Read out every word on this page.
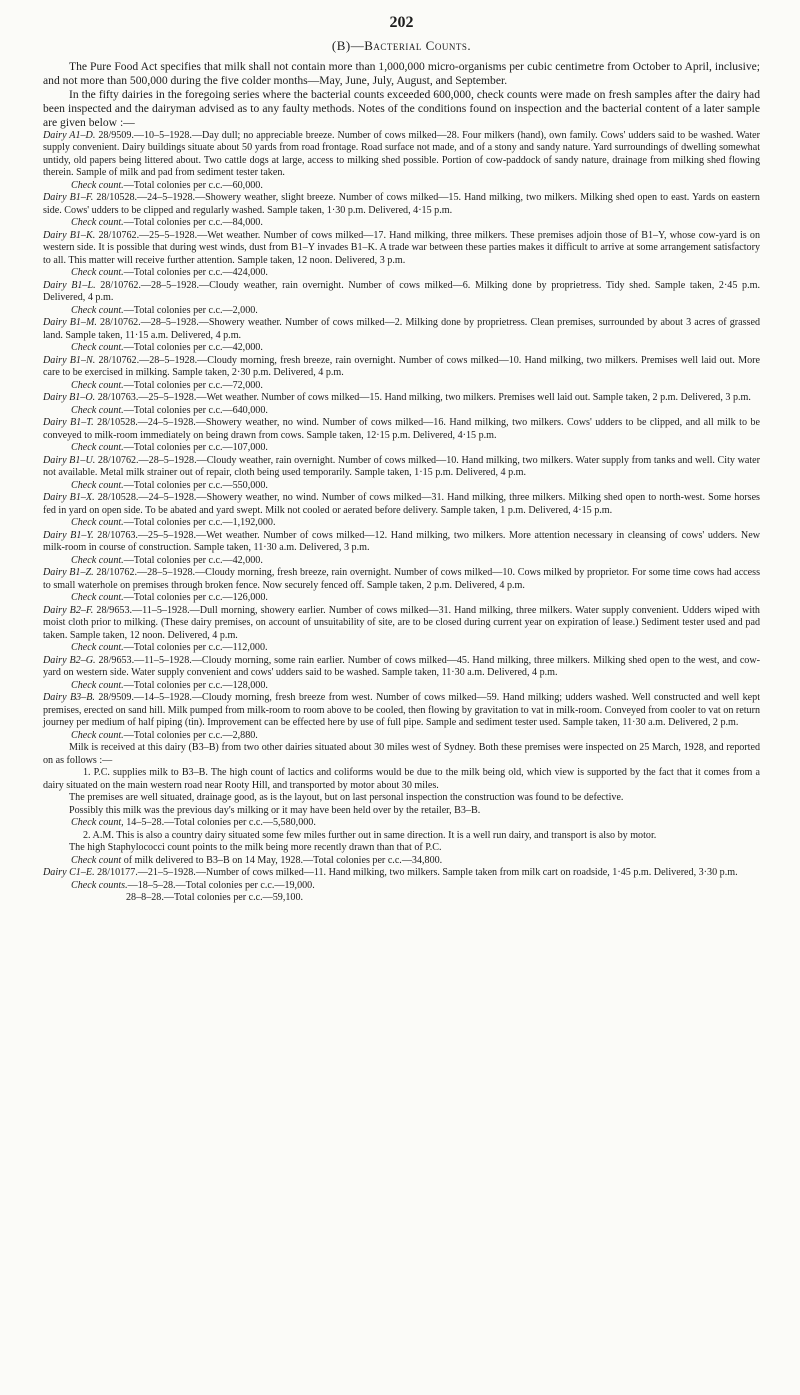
202
(B)—Bacterial Counts.

The Pure Food Act specifies that milk shall not contain more than 1,000,000 micro-organisms per cubic centimetre from October to April, inclusive; and not more than 500,000 during the five colder months—May, June, July, August, and September.

In the fifty dairies in the foregoing series where the bacterial counts exceeded 600,000, check counts were made on fresh samples after the dairy had been inspected and the dairyman advised as to any faulty methods. Notes of the conditions found on inspection and the bacterial content of a later sample are given below :—

Dairy A1–D. 28/9509.—10–5–1928.—Day dull; no appreciable breeze. Number of cows milked—28. Four milkers (hand), own family. Cows' udders said to be washed. Water supply convenient. Dairy buildings situate about 50 yards from road frontage. Road surface not made, and of a stony and sandy nature. Yard surroundings of dwelling somewhat untidy, old papers being littered about. Two cattle dogs at large, access to milking shed possible. Portion of cow-paddock of sandy nature, drainage from milking shed flowing therein. Sample of milk and pad from sediment tester taken.

Check count.—Total colonies per c.c.—60,000.

Dairy B1–F. 28/10528.—24–5–1928.—Showery weather, slight breeze. Number of cows milked—15. Hand milking, two milkers. Milking shed open to east. Yards on eastern side. Cows' udders to be clipped and regularly washed. Sample taken, 1·30 p.m. Delivered, 4·15 p.m.

Check count.—Total colonies per c.c.—84,000.

Dairy B1–K. 28/10762.—25–5–1928.—Wet weather. Number of cows milked—17. Hand milking, three milkers. These premises adjoin those of B1–Y, whose cow-yard is on western side. It is possible that during west winds, dust from B1–Y invades B1–K. A trade war between these parties makes it difficult to arrive at some arrangement satisfactory to all. This matter will receive further attention. Sample taken, 12 noon. Delivered, 3 p.m.

Check count.—Total colonies per c.c.—424,000.

Dairy B1–L. 28/10762.—28–5–1928.—Cloudy weather, rain overnight. Number of cows milked—6. Milking done by proprietress. Tidy shed. Sample taken, 2·45 p.m. Delivered, 4 p.m.

Check count.—Total colonies per c.c.—2,000.

Dairy B1–M. 28/10762.—28–5–1928.—Showery weather. Number of cows milked—2. Milking done by proprietress. Clean premises, surrounded by about 3 acres of grassed land. Sample taken, 11·15 a.m. Delivered, 4 p.m.

Check count.—Total colonies per c.c.—42,000.

Dairy B1–N. 28/10762.—28–5–1928.—Cloudy morning, fresh breeze, rain overnight. Number of cows milked—10. Hand milking, two milkers. Premises well laid out. More care to be exercised in milking. Sample taken, 2·30 p.m. Delivered, 4 p.m.

Check count.—Total colonies per c.c.—72,000.

Dairy B1–O. 28/10763.—25–5–1928.—Wet weather. Number of cows milked—15. Hand milking, two milkers. Premises well laid out. Sample taken, 2 p.m. Delivered, 3 p.m.

Check count.—Total colonies per c.c.—640,000.

Dairy B1–T. 28/10528.—24–5–1928.—Showery weather, no wind. Number of cows milked—16. Hand milking, two milkers. Cows' udders to be clipped, and all milk to be conveyed to milk-room immediately on being drawn from cows. Sample taken, 12·15 p.m. Delivered, 4·15 p.m.

Check count.—Total colonies per c.c.—107,000.

Dairy B1–U. 28/10762.—28–5–1928.—Cloudy weather, rain overnight. Number of cows milked—10. Hand milking, two milkers. Water supply from tanks and well. City water not available. Metal milk strainer out of repair, cloth being used temporarily. Sample taken, 1·15 p.m. Delivered, 4 p.m.

Check count.—Total colonies per c.c.—550,000.

Dairy B1–X. 28/10528.—24–5–1928.—Showery weather, no wind. Number of cows milked—31. Hand milking, three milkers. Milking shed open to north-west. Some horses fed in yard on open side. To be abated and yard swept. Milk not cooled or aerated before delivery. Sample taken, 1 p.m. Delivered, 4·15 p.m.

Check count.—Total colonies per c.c.—1,192,000.

Dairy B1–Y. 28/10763.—25–5–1928.—Wet weather. Number of cows milked—12. Hand milking, two milkers. More attention necessary in cleansing of cows' udders. New milk-room in course of construction. Sample taken, 11·30 a.m. Delivered, 3 p.m.

Check count.—Total colonies per c.c.—42,000.

Dairy B1–Z. 28/10762.—28–5–1928.—Cloudy morning, fresh breeze, rain overnight. Number of cows milked—10. Cows milked by proprietor. For some time cows had access to small waterhole on premises through broken fence. Now securely fenced off. Sample taken, 2 p.m. Delivered, 4 p.m.

Check count.—Total colonies per c.c.—126,000.

Dairy B2–F. 28/9653.—11–5–1928.—Dull morning, showery earlier. Number of cows milked—31. Hand milking, three milkers. Water supply convenient. Udders wiped with moist cloth prior to milking. (These dairy premises, on account of unsuitability of site, are to be closed during current year on expiration of lease.) Sediment tester used and pad taken. Sample taken, 12 noon. Delivered, 4 p.m.

Check count.—Total colonies per c.c.—112,000.

Dairy B2–G. 28/9653.—11–5–1928.—Cloudy morning, some rain earlier. Number of cows milked—45. Hand milking, three milkers. Milking shed open to the west, and cow-yard on western side. Water supply convenient and cows' udders said to be washed. Sample taken, 11·30 a.m. Delivered, 4 p.m.

Check count.—Total colonies per c.c.—128,000.

Dairy B3–B. 28/9509.—14–5–1928.—Cloudy morning, fresh breeze from west. Number of cows milked—59. Hand milking; udders washed. Well constructed and well kept premises, erected on sand hill. Milk pumped from milk-room to room above to be cooled, then flowing by gravitation to vat in milk-room. Conveyed from cooler to vat on return journey per medium of half piping (tin). Improvement can be effected here by use of full pipe. Sample and sediment tester used. Sample taken, 11·30 a.m. Delivered, 2 p.m.

Check count.—Total colonies per c.c.—2,880.

Milk is received at this dairy (B3–B) from two other dairies situated about 30 miles west of Sydney. Both these premises were inspected on 25 March, 1928, and reported on as follows :—

1. P.C. supplies milk to B3–B. The high count of lactics and coliforms would be due to the milk being old, which view is supported by the fact that it comes from a dairy situated on the main western road near Rooty Hill, and transported by motor about 30 miles.

The premises are well situated, drainage good, as is the layout, but on last personal inspection the construction was found to be defective.

Possibly this milk was the previous day's milking or it may have been held over by the retailer, B3–B.

Check count, 14–5–28.—Total colonies per c.c.—5,580,000.

2. A.M. This is also a country dairy situated some few miles further out in same direction. It is a well run dairy, and transport is also by motor.

The high Staphylococci count points to the milk being more recently drawn than that of P.C.

Check count of milk delivered to B3–B on 14 May, 1928.—Total colonies per c.c.—34,800.

Dairy C1–E. 28/10177.—21–5–1928.—Number of cows milked—11. Hand milking, two milkers. Sample taken from milk cart on roadside, 1·45 p.m. Delivered, 3·30 p.m.

Check counts.—18–5–28.—Total colonies per c.c.—19,000.

28–8–28.—Total colonies per c.c.—59,100.
